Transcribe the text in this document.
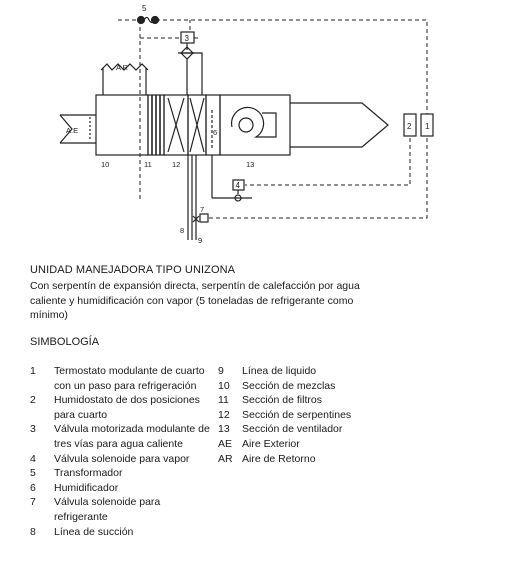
5
3
A R
A.E
10	11	12
6
13
2 1
4
7
8
9
UNIDAD MANEJADORA TIPO UNIZONA
Con serpentín de expansión directa, serpentín de calefacción por agua caliente y humidificación con vapor (5 toneladas de refrigerante como mínimo)
SIMBOLOGÍA
1	Termostato modulante de cuarto con un paso para refrigeración
2	Humidostato de dos posiciones para cuarto
3	Válvula motorizada modulante de tres vías para agua caliente
4	Válvula solenoide para vapor
5	Transformador
6	Humidificador
7	Válvula solenoide para refrigerante
8	Línea de succión
9	Línea de liquido
10	Sección de mezclas
11	Sección de filtros
12	Sección de serpentines
13	Sección de ventilador
AE Aire Exterior
AR Aire de Retorno
